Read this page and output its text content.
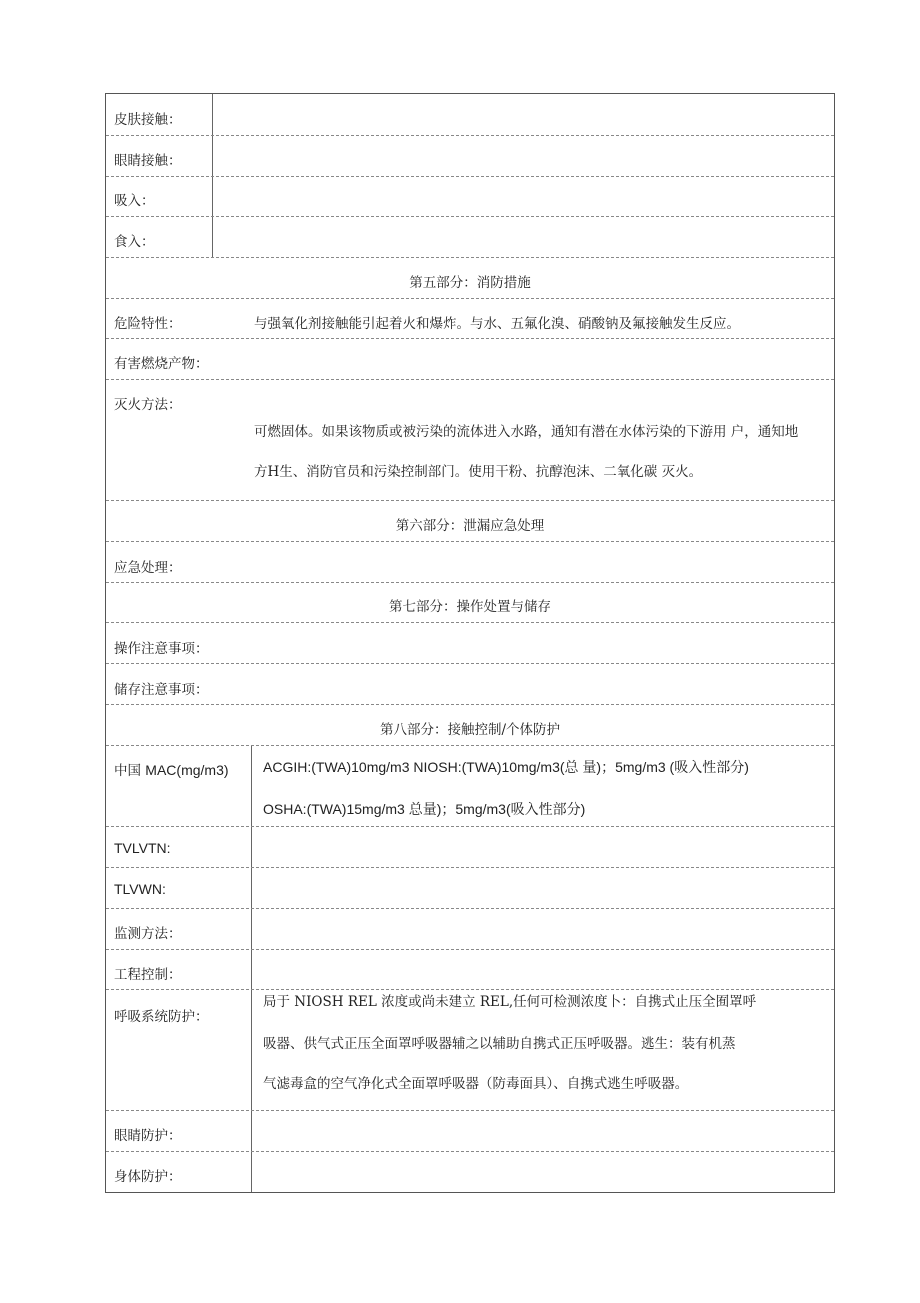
皮肤接触：
眼睛接触：
吸入：
食入：
第五部分：消防措施
危险特性：	与强氧化剂接触能引起着火和爆炸。与水、五氟化溴、硝酸钠及氟接触发生反应。
有害燃烧产物：
灭火方法：
可燃固体。如果该物质或被污染的流体进入水路，通知有潜在水体污染的下游用 户，通知地
方H生、消防官员和污染控制部门。使用干粉、抗醇泡沫、二氧化碳 灭火。
第六部分：泄漏应急处理
应急处理：
第七部分：操作处置与储存
操作注意事项：
储存注意事项：
第八部分：接触控制/个体防护
中国 MAC(mg/m3) ACGIH:(TWA)10mg/m3 NIOSH:(TWA)10mg/m3(总 量)；5mg/m3 (吸入性部分)
OSHA:(TWA)15mg/m3 总量)；5mg/m3(吸入性部分)
TVLVTN:
TLVWN:
监测方法：
工程控制：
呼吸系统防护：
局于 NIOSH REL 浓度或尚未建立 REL,任何可检测浓度卜：自携式止压全囿罩呼
吸器、供气式正压全面罩呼吸器辅之以辅助自携式正压呼吸器。逃生：装有机蒸
气滤毒盒的空气净化式全面罩呼吸器（防毒面具）、自携式逃生呼吸器。
眼睛防护：
身体防护：
